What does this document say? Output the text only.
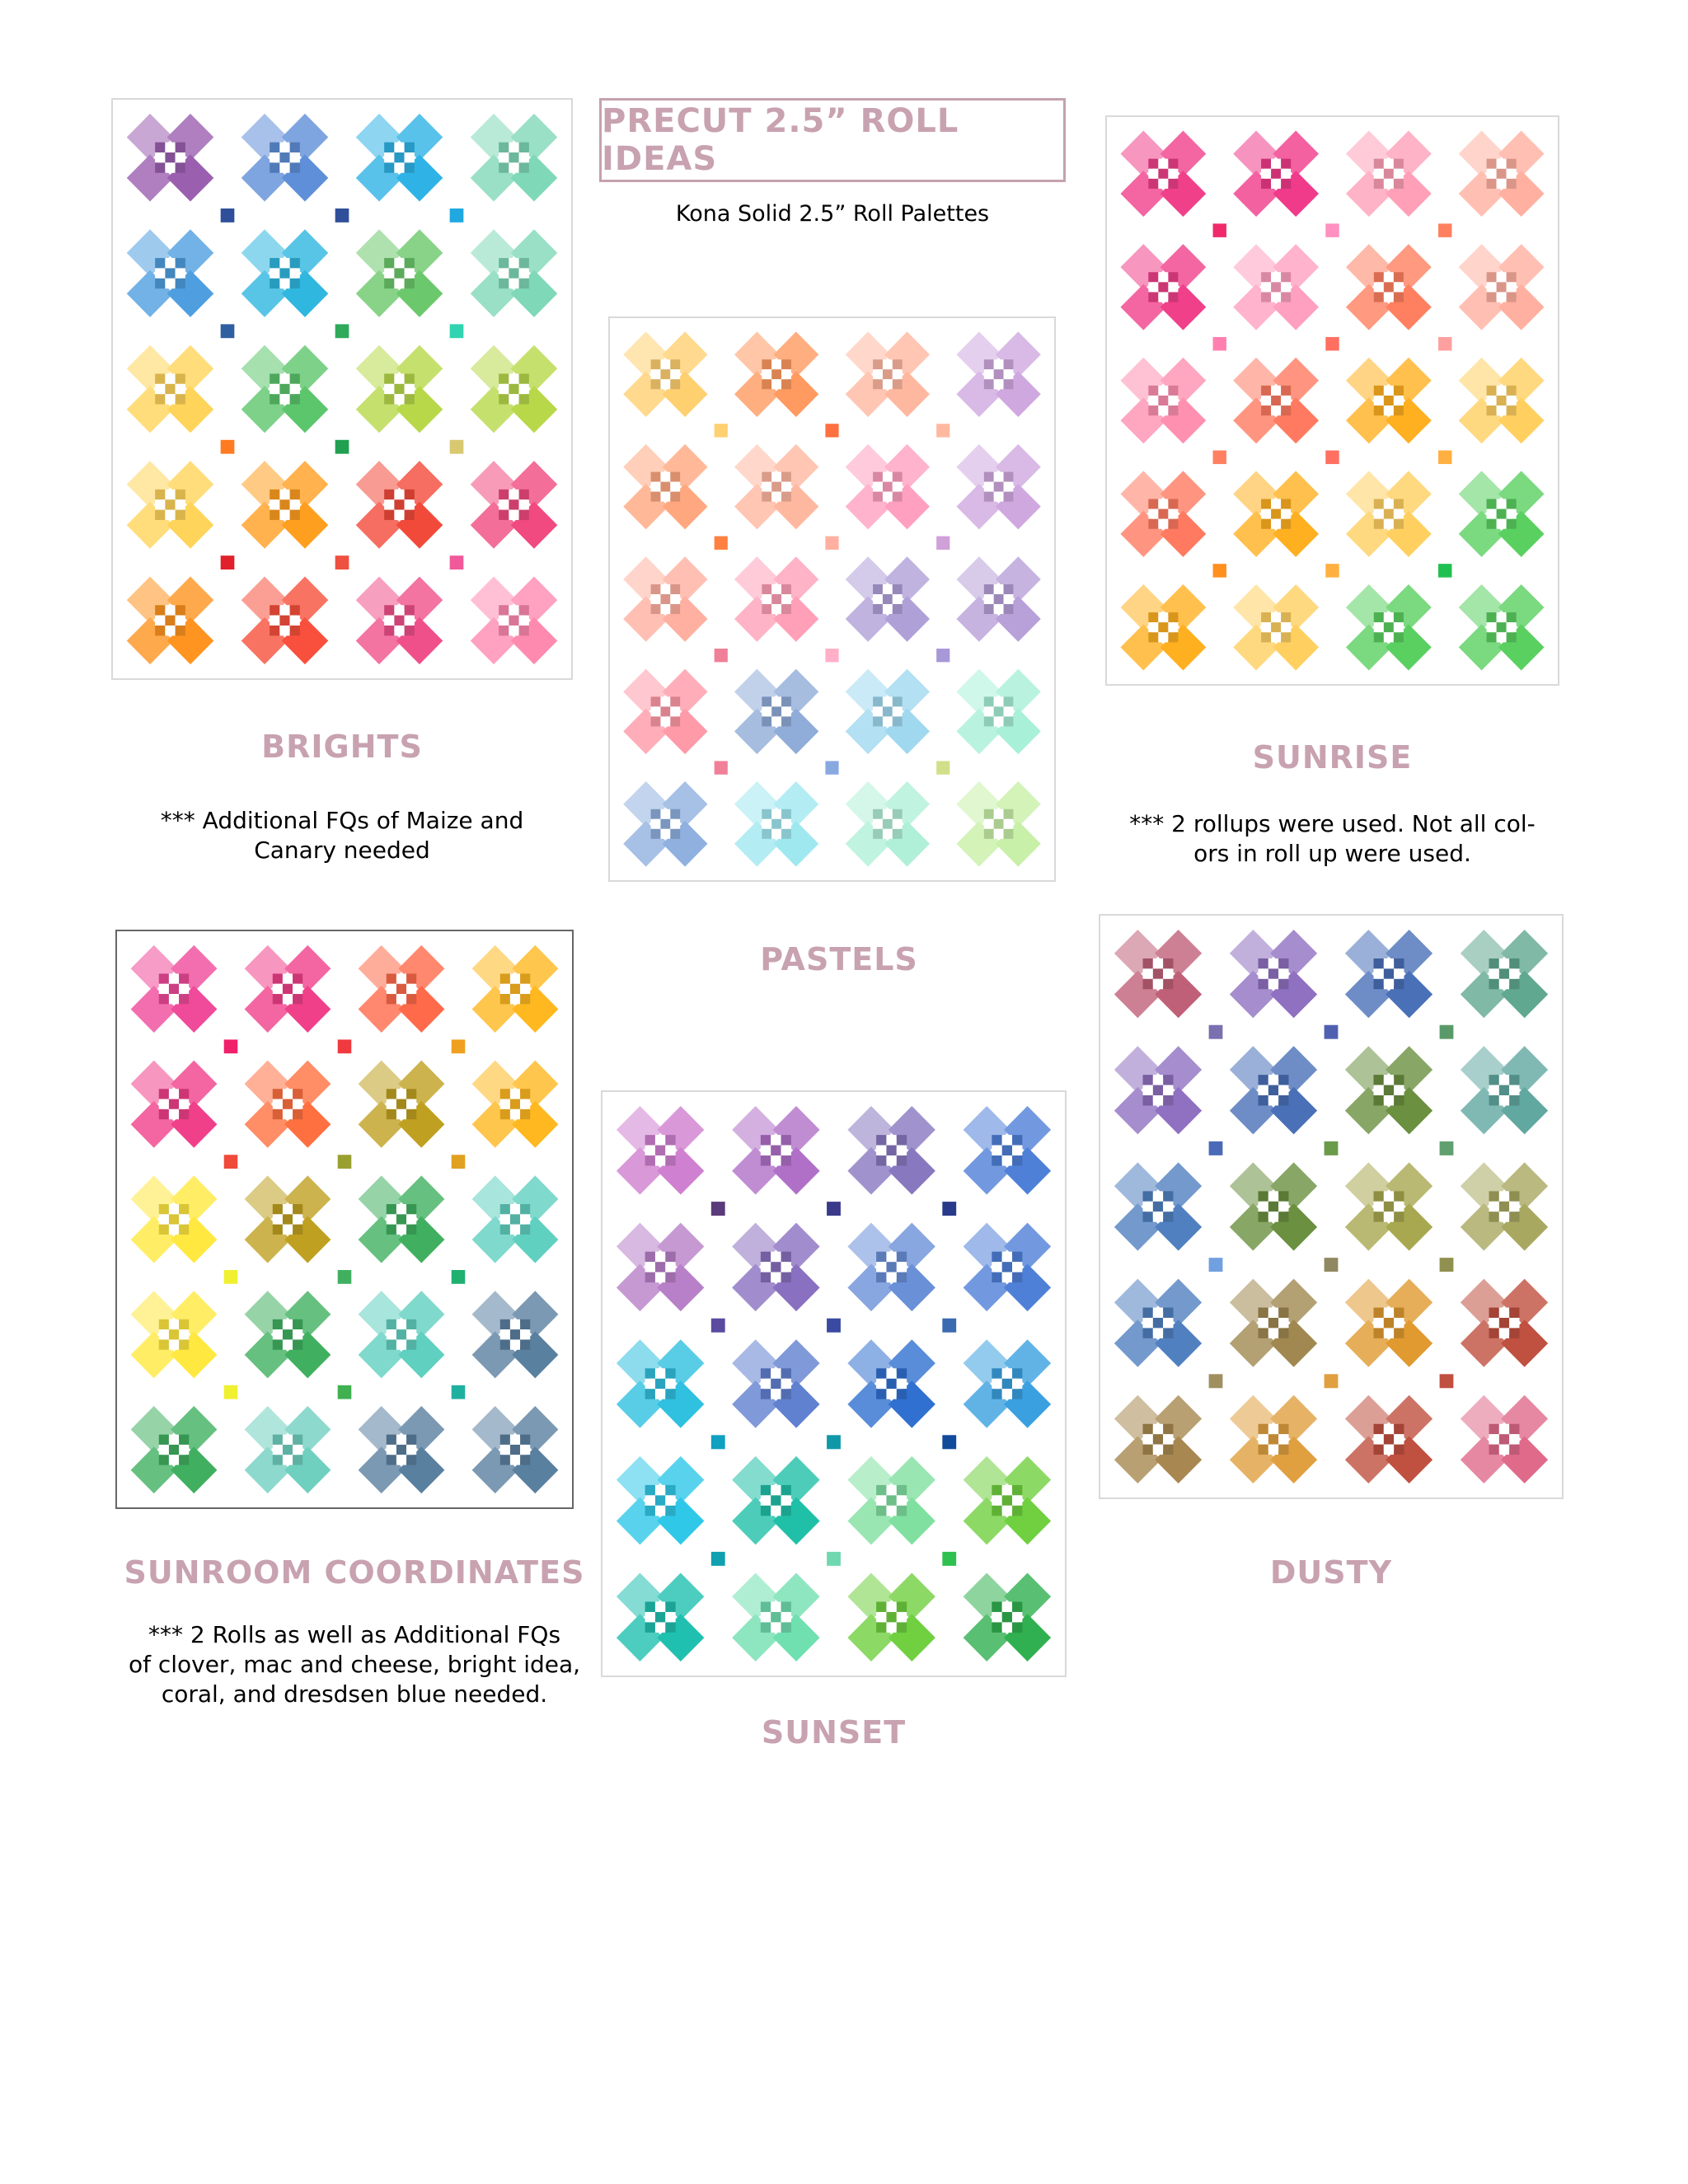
PRECUT 2.5” ROLL IDEAS
Kona Solid 2.5” Roll Palettes
BRIGHTS
*** Additional FQs of Maize and
Canary needed
PASTELS
SUNRISE
*** 2 rollups were used. Not all col-
ors in roll up were used.
SUNROOM COORDINATES
*** 2 Rolls as well as Additional FQs
of clover, mac and cheese, bright idea,
coral, and dresdsen blue needed.
SUNSET
DUSTY
